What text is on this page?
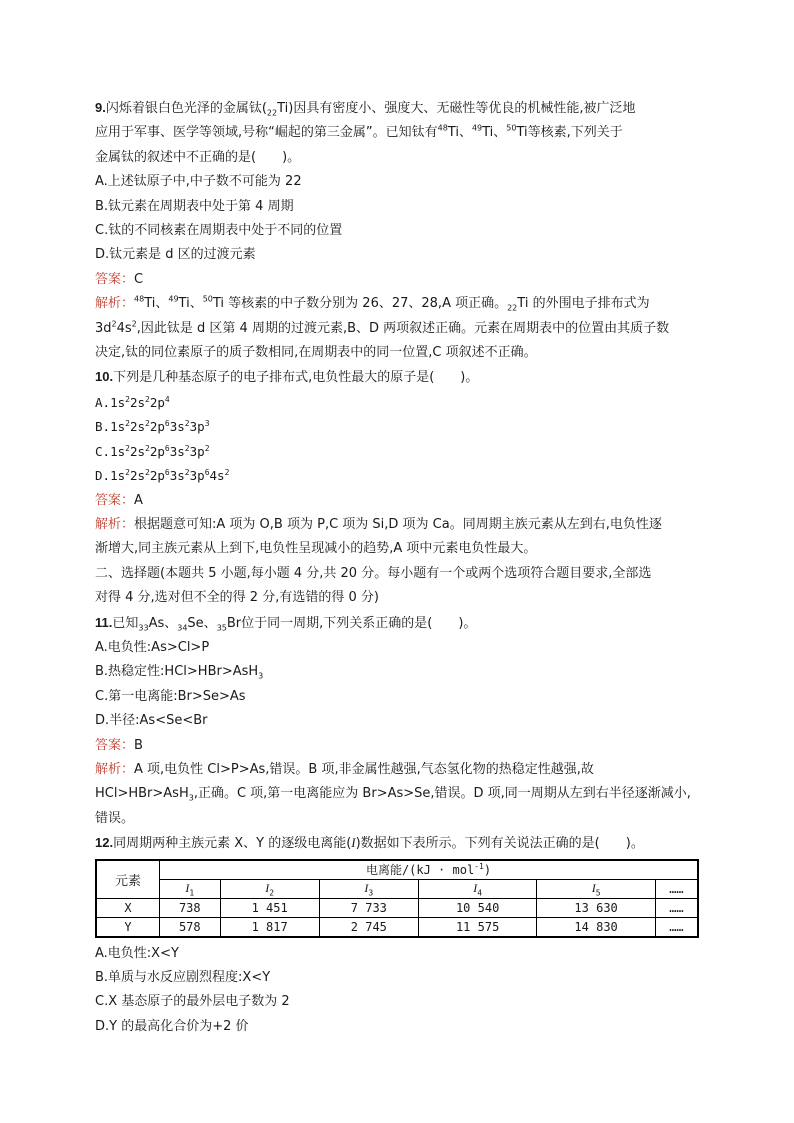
9.闪烁着银白色光泽的金属钛$(_{22}Ti)$因具有密度小、强度大、无磁性等优良的机械性能,被广泛地
应用于军事、医学等领域,号称“崛起的第三金属”。已知钛有$^{48}$Ti、$^{49}$Ti、$^{50}$Ti等核素,下列关于
金属钛的叙述中不正确的是(　　)。
A.上述钛原子中,中子数不可能为 22
B.钛元素在周期表中处于第 4 周期
C.钛的不同核素在周期表中处于不同的位置
D.钛元素是 d 区的过渡元素
答案：C
解析：$^{48}$Ti、$^{49}$Ti、$^{50}$Ti 等核素的中子数分别为 26、27、28,A 项正确。$_{22}$Ti 的外围电子排布式为
$3d^24s^2$,因此钛是 d 区第 4 周期的过渡元素,B、D 两项叙述正确。元素在周期表中的位置由其质子数
决定,钛的同位素原子的质子数相同,在周期表中的同一位置,C 项叙述不正确。
10.下列是几种基态原子的电子排布式,电负性最大的原子是(　　)。
$A.1s^22s^22p^4$
$B.1s^22s^22p^63s^23p^3$
$C.1s^22s^22p^63s^23p^2$
$D.1s^22s^22p^63s^23p^64s^2$
答案：A
解析：根据题意可知:A 项为 O,B 项为 P,C 项为 Si,D 项为 Ca。同周期主族元素从左到右,电负性逐
渐增大,同主族元素从上到下,电负性呈现减小的趋势,A 项中元素电负性最大。
二、选择题(本题共 5 小题,每小题 4 分,共 20 分。每小题有一个或两个选项符合题目要求,全部选
对得 4 分,选对但不全的得 2 分,有选错的得 0 分)
11.已知$_{33}$As、$_{34}$Se、$_{35}$Br位于同一周期,下列关系正确的是(　　)。
A.电负性:As>Cl>P
B.热稳定性:HCl>HBr>AsH$_3$
C.第一电离能:Br>Se>As
D.半径:As<Se<Br
答案：B
解析：A 项,电负性 Cl>P>As,错误。B 项,非金属性越强,气态氢化物的热稳定性越强,故
HCl>HBr>AsH$_3$,正确。C 项,第一电离能应为 Br>As>Se,错误。D 项,同一周期从左到右半径逐渐减小,
错误。
12.同周期两种主族元素 X、Y 的逐级电离能(I)数据如下表所示。下列有关说法正确的是(　　)。
元素	电离能/(kJ · mol$^{-1}$)					
	$I_1$	$I_2$	$I_3$	$I_4$	$I_5$	……
X	738	1 451	7 733	10 540	13 630	……
Y	578	1 817	2 745	11 575	14 830	……
A.电负性:X<Y
B.单质与水反应剧烈程度:X<Y
C.X 基态原子的最外层电子数为 2
D.Y 的最高化合价为+2 价
